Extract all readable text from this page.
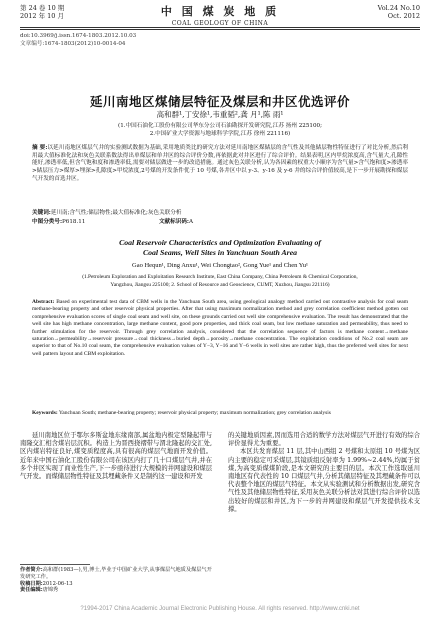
第 24 卷 10 期
2012 年 10 月	中 国 煤 炭 地 质
COAL GEOLOGY OF CHINA
Vol.24 No.10
Oct. 2012
doi:10.3969/j.issn.1674-1803.2012.10.03
文章编号:1674-1803(2012)10-0014-04
延川南地区煤储层特征及煤层和井区优选评价
高和群¹,丁安徐¹,韦重韬²,龚 月¹,陈 雨¹
(1.中国石油化工股份有限公司华东分公司石油勘探开发研究院,江苏 扬州 225100;
2.中国矿业大学资源与地球科学学院,江苏 徐州 221116)
摘 要:以延川南地区煤层气井的实验测试数据为基础,采用地质类比的研究方法对延川南地区煤储层的含气性及其他储层物性特征进行了对比分析,然后利用最大值标准化法和灰色关联系数法得出单煤层和单井区的综合评价分数,再依据此对井区进行了综合评价。结果表明,区内甲烷浓度高,含气量大,孔隙性能好,渗透率低,但含气饱和度和渗透率低,需要对储层做进一步的改造措施。通过灰色关联分析,认为各因素的权重大小顺序为含气量>含气饱和度>渗透率>储层压力>煤厚>埋深>孔隙度>甲烷浓度,2号煤的开发条件优于 10 号煤,各井区中以 y-3、y-16 及 y-6 井的综合评价值较高,是下一步开展勘探和煤层气开发的首选井区。
关键词:延川南;含气性;储层物性;最大值标准化;灰色关联分析
中图分类号:P618.11	文献标识码:A
Coal Reservoir Characteristics and Optimization Evaluating of
Coal Seams, Well Sites in Yanchuan South Area
Gao Hequn¹, Ding Anxu¹, Wei Chongtao², Gong Yue¹ and Chen Yu¹
(1.Petroleum Exploration and Exploitation Research Institute, East China Company, China Petroleum & Chemical Corporation,
Yangzhou, Jiangsu 225100; 2. School of Resource and Geoscience, CUMT, Xuzhou, Jiangsu 221116)
Abstract: Based on experimental test data of CBM wells in the Yanchuan South area, using geological analogy method carried out contrastive analysis for coal seam methane-bearing property and other reservoir physical properties. After that using maximum normalization method and grey correlation coefficient method gotten out comprehensive evaluation scores of single coal seam and well site, on these grounds carried out well site comprehensive evaluation. The result has demonstrated that the well site has high methane concentration, large methane content, good pore properties, and thick coal seam, but low methane saturation and permeability, thus need to further stimulation for the reservoir. Through grey correlation analysis, considered that the correlation sequence of factors is methane content→methane saturation→permeability→reservoir pressure→coal thickness→buried depth→porosity→methane concentration. The exploitation conditions of No.2 coal seam are superior to that of No.10 coal seam, the comprehensive evaluation values of Y−3, Y−16 and Y−6 wells in well sites are rather high, thus the preferred well sites for next well pattern layout and CBM exploitation.
Keywords: Yanchuan South; methane-bearing property; reservoir physical property; maximum normalization; grey correlation analysis

延川南地区位于鄂尔多斯盆地东缘南部,属盆地内极定型隆起带与南隆交汇相含煤岩层沉积。构造上为晋西挠褶带与渭北隆起的交汇处,区内煤岩特征良好,煤变质程度高,具有很高的煤层气地面开发价值。近年来中国石油化工股份有限公司在该区内打了几十口煤层气井,并在多个井区实现了商业性生产,下一步亟待进行大规模的井网建设和煤层气开发。而煤储层物性特征及其埋藏条件又是制约这一建设和开发

的关键地质因素,因而选用合适的数学方法对煤层气开进行有效的综合评价显得尤为重要。

本区共发育煤层 11 层,其中山西组 2 号煤和太原组 10 号煤为区内主要的稳定可采煤层,其镜质组反射率为 1.99%~2.44%,均属于贫煤,为高变质煤煤阶段,是本文研究的主要目的层。本次工作选取延川南地区有代表性的 10 口煤层气井,分析其储层特征及其埋藏条件可以代表整个地区的煤层气特征。本文从实验测试和分析数据出发,研究含气性及其他储层物性特征,采用灰色关联分析法对其进行综合评价以选出较好的煤层和井区,为下一步的井网建设和煤层气开发提供技术支撑。

作者简介:高和群(1983—),男,博士,毕业于中国矿业大学,从事煤层气地质及煤层气开发研究工作。
收稿日期:2012-06-13
责任编辑:唐锦秀
?1994-2017 China Academic Journal Electronic Publishing House. All rights reserved. http://www.cnki.net
